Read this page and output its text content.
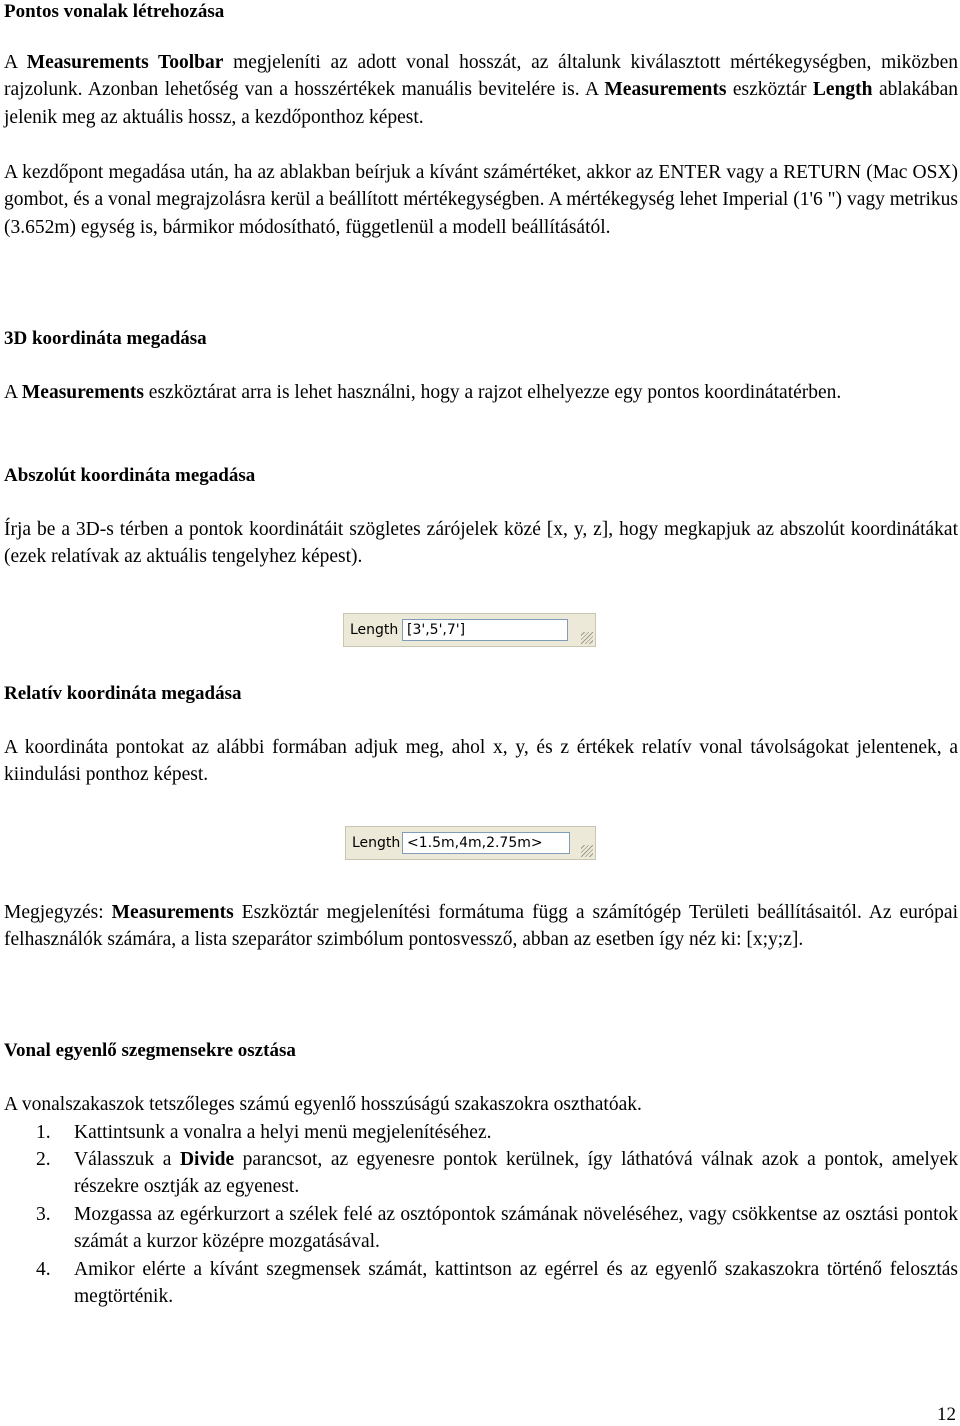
Pontos vonalak létrehozása
A Measurements Toolbar megjeleníti az adott vonal hosszát, az általunk kiválasztott mértékegységben, miközben rajzolunk. Azonban lehetőség van a hosszértékek manuális bevitelére is. A Measurements eszköztár Length ablakában jelenik meg az aktuális hossz, a kezdőponthoz képest.
A kezdőpont megadása után, ha az ablakban beírjuk a kívánt számértéket, akkor az ENTER vagy a RETURN (Mac OSX) gombot, és a vonal megrajzolásra kerül a beállított mértékegységben. A mértékegység lehet Imperial (1'6 ") vagy metrikus (3.652m) egység is, bármikor módosítható, függetlenül a modell beállításától.
3D koordináta megadása
A Measurements eszköztárat arra is lehet használni, hogy a rajzot elhelyezze egy pontos koordinátatérben.
Abszolút koordináta megadása
Írja be a 3D-s térben a pontok koordinátáit szögletes zárójelek közé [x, y, z], hogy megkapjuk az abszolút koordinátákat (ezek relatívak az aktuális tengelyhez képest).
Length [3',5',7']
Relatív koordináta megadása
A koordináta pontokat az alábbi formában adjuk meg, ahol x, y, és z értékek relatív vonal távolságokat jelentenek, a kiindulási ponthoz képest.
Length <1.5m,4m,2.75m>
Megjegyzés: Measurements Eszköztár megjelenítési formátuma függ a számítógép Területi beállításaitól. Az európai felhasználók számára, a lista szeparátor szimbólum pontosvessző, abban az esetben így néz ki: [x;y;z].
Vonal egyenlő szegmensekre osztása
A vonalszakaszok tetszőleges számú egyenlő hosszúságú szakaszokra oszthatóak.
1. Kattintsunk a vonalra a helyi menü megjelenítéséhez.
2. Válasszuk a Divide parancsot, az egyenesre pontok kerülnek, így láthatóvá válnak azok a pontok, amelyek részekre osztják az egyenest.
3. Mozgassa az egérkurzort a szélek felé az osztópontok számának növeléséhez, vagy csökkentse az osztási pontok számát a kurzor középre mozgatásával.
4. Amikor elérte a kívánt szegmensek számát, kattintson az egérrel és az egyenlő szakaszokra történő felosztás megtörténik.
12
